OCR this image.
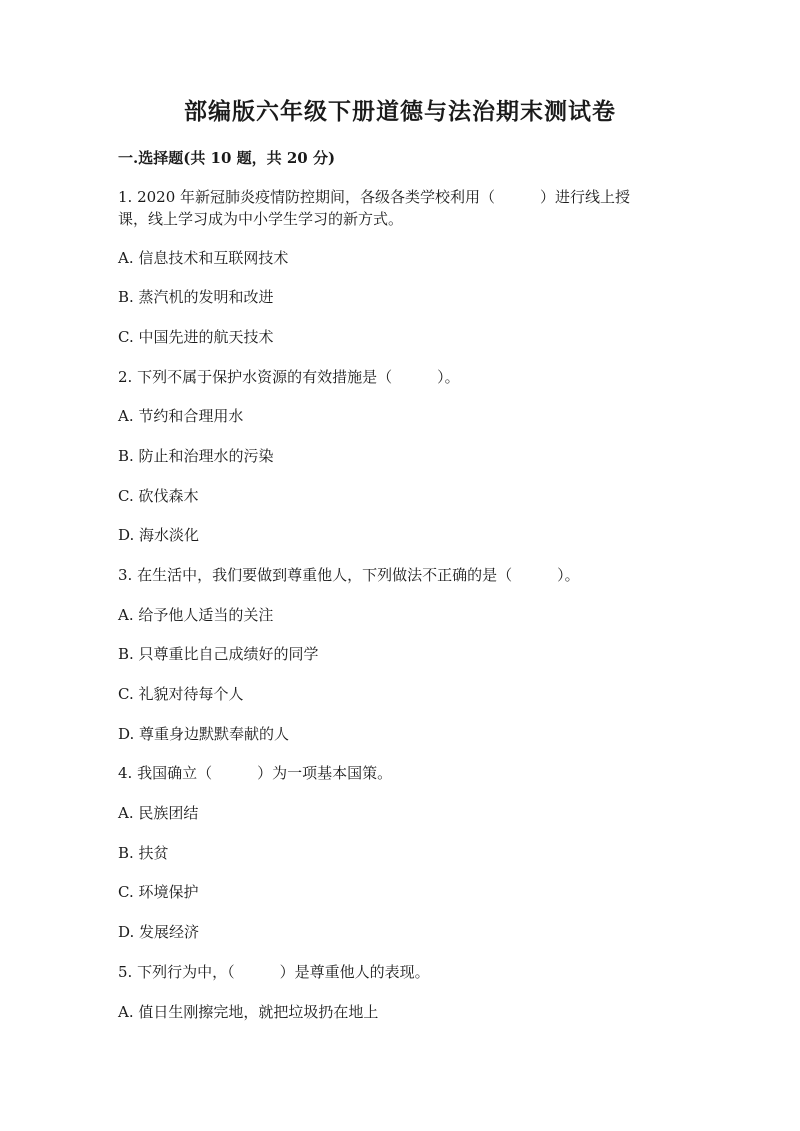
部编版六年级下册道德与法治期末测试卷
一.选择题(共 10 题，共 20 分)
1. 2020 年新冠肺炎疫情防控期间，各级各类学校利用（　　　）进行线上授
课，线上学习成为中小学生学习的新方式。
A. 信息技术和互联网技术
B. 蒸汽机的发明和改进
C. 中国先进的航天技术
2. 下列不属于保护水资源的有效措施是（　　　）。
A. 节约和合理用水
B. 防止和治理水的污染
C. 砍伐森木
D. 海水淡化
3. 在生活中，我们要做到尊重他人，下列做法不正确的是（　　　）。
A. 给予他人适当的关注
B. 只尊重比自己成绩好的同学
C. 礼貌对待每个人
D. 尊重身边默默奉献的人
4. 我国确立（　　　）为一项基本国策。
A. 民族团结
B. 扶贫
C. 环境保护
D. 发展经济
5. 下列行为中，（　　　）是尊重他人的表现。
A. 值日生刚擦完地，就把垃圾扔在地上
